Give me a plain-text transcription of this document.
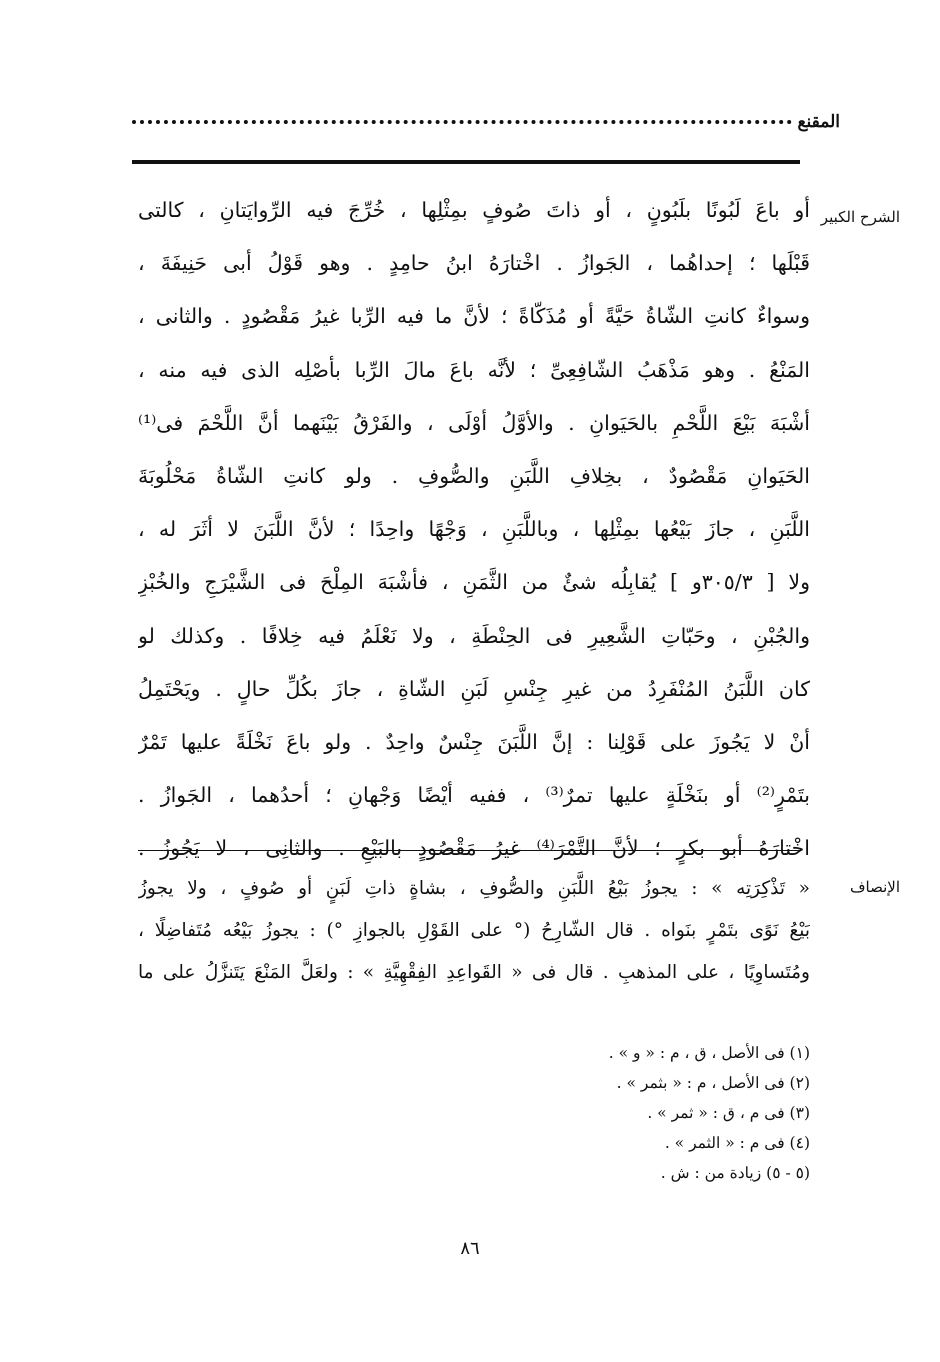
المقنع
الشرح الكبير
أو باعَ لَبُونًا بلَبُونٍ ، أو ذاتَ صُوفٍ بمِثْلِها ، خُرِّجَ فيه الرِّوايَتانِ ، كالتى
قَبْلَها ؛ إحداهُما ، الجَوازُ . اخْتارَهُ ابنُ حامِدٍ . وهو قَوْلُ أبى حَنِيفَةَ ،
وسواءٌ كانتِ الشّاةُ حَيَّةً أو مُذَكّاةً ؛ لأنَّ ما فيه الرِّبا غيرُ مَقْصُودٍ . والثانى ،
المَنْعُ . وهو مَذْهَبُ الشّافِعِىِّ ؛ لأنَّه باعَ مالَ الرِّبا بأصْلِه الذى فيه منه ،
أشْبَهَ بَيْعَ اللَّحْمِ بالحَيَوانِ . والأوَّلُ أوْلَى ، والفَرْقُ بَيْنَهما أنَّ اللَّحْمَ فى⁽¹⁾
الحَيَوانِ مَقْصُودٌ ، بخِلافِ اللَّبَنِ والصُّوفِ . ولو كانتِ الشّاةُ مَحْلُوبَةَ
اللَّبَنِ ، جازَ بَيْعُها بمِثْلِها ، وباللَّبَنِ ، وَجْهًا واحِدًا ؛ لأنَّ اللَّبَنَ لا أثَرَ له ،
ولا [ ٣٠٥/٣و ] يُقابِلُه شئٌ من الثَّمَنِ ، فأشْبَهَ المِلْحَ فى الشَّيْرَجِ والخُبْزِ
والجُبْنِ ، وحَبّاتِ الشَّعِيرِ فى الحِنْطَةِ ، ولا نَعْلَمُ فيه خِلافًا . وكذلك لو
كان اللَّبَنُ المُنْفَرِدُ من غيرِ جِنْسِ لَبَنِ الشّاةِ ، جازَ بكُلِّ حالٍ . ويَحْتَمِلُ
أنْ لا يَجُوزَ على قَوْلِنا : إنَّ اللَّبَنَ جِنْسٌ واحِدٌ . ولو باعَ نَخْلَةً عليها تَمْرٌ
بتَمْرٍ⁽²⁾ أو بنَخْلَةٍ عليها تمرٌ⁽³⁾ ، ففيه أيْضًا وَجْهانِ ؛ أحدُهما ، الجَوازُ .
اخْتارَهُ أبو بكرٍ ؛ لأنَّ التَّمْرَ⁽⁴⁾ غيرُ مَقْصُودٍ بالبَيْعِ . والثانِى ، لا يَجُوزُ .
الإنصاف
« تَذْكِرَتِه » : يجوزُ بَيْعُ اللَّبَنِ والصُّوفِ ، بشاةٍ ذاتِ لَبَنٍ أو صُوفٍ ، ولا يجوزُ
بَيْعُ نَوًى بتَمْرٍ بنَواه . قال الشّارِحُ (° على القَوْلِ بالجوازِ °) : يجوزُ بَيْعُه مُتَفاضِلًا ،
ومُتَساوِيًا ، على المذهبِ . قال فى « القَواعِدِ الفِقْهِيَّةِ » : ولعَلَّ المَنْعَ يَتَنزَّلُ على ما
(١) فى الأصل ، ق ، م : « و » .
(٢) فى الأصل ، م : « بثمر » .
(٣) فى م ، ق : « ثمر » .
(٤) فى م : « الثمر » .
(٥ - ٥) زيادة من : ش .
٨٦
